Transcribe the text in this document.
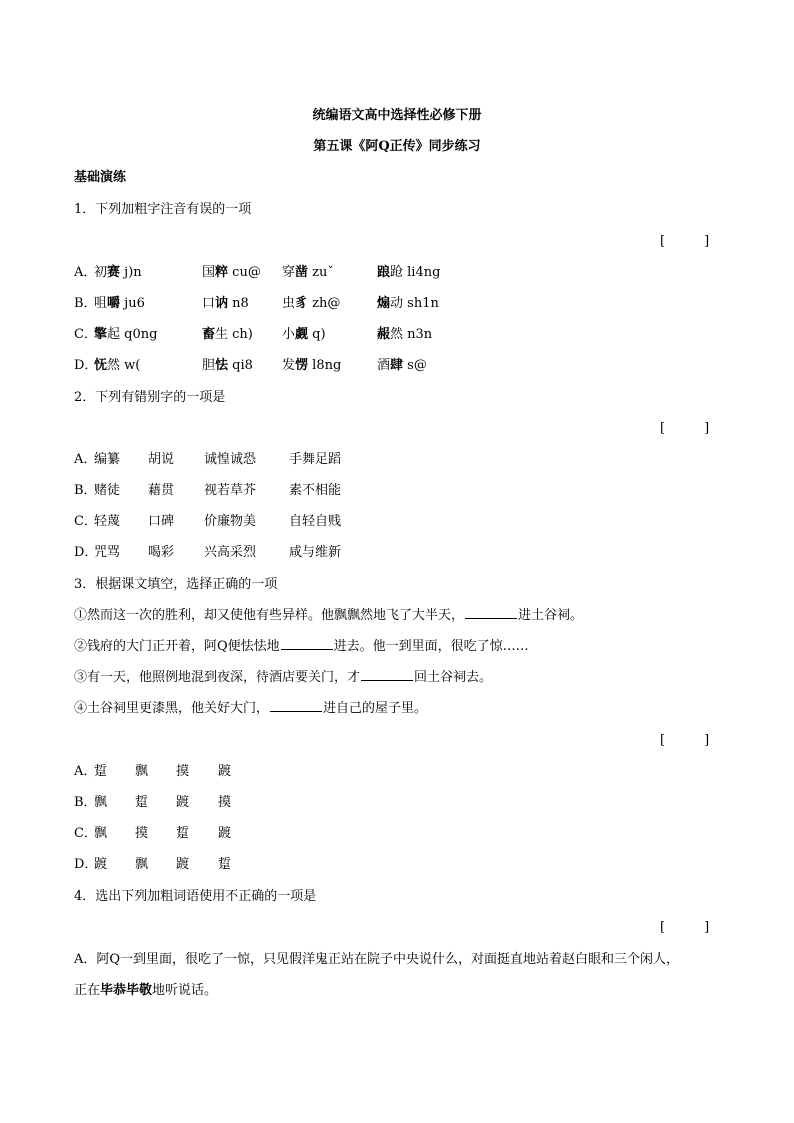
统编语文高中选择性必修下册
第五课《阿Q正传》同步练习
基础演练
1．下列加粗字注音有误的一项
[　　　]
A．
初赛 j)n	国粹 cu@ 穿凿 zuˇ	踉跄 li4ng
B．
咀嚼 ju6	口讷 n8	虫豸 zh@	煽动 sh1n
C．
擎起 q0ng	畜生 ch) 小觑 q)	赧然 n3n
D．
怃然 w(	胆怯 qi8 发愣 l8ng	酒肆 s@
2．下列有错别字的一项是
[　　　]
A．
编纂 胡说 诚惶诚恐	手舞足蹈
B．
赌徒 藉贯 视若草芥	素不相能
C．
轻蔑 口碑 价廉物美	自轻自贱
D．
咒骂 喝彩 兴高采烈	咸与维新
3．根据课文填空，选择正确的一项
①然而这一次的胜利，却又使他有些异样。他飘飘然地飞了大半天，	进土谷祠。
②钱府的大门正开着，阿Q便怯怯地	进去。他一到里面，很吃了惊……
③有一天，他照例地混到夜深，待酒店要关门，才	回土谷祠去。
④土谷祠里更漆黑，他关好大门，	进自己的屋子里。
[　　　]
A．
踅 飘 摸 踱
B．
飘 踅 踱 摸
C．
飘 摸 踅 踱
D．
踱 飘 踱 踅
4．选出下列加粗词语使用不正确的一项是
[　　　]
A．阿Q一到里面，很吃了一惊，只见假洋鬼正站在院子中央说什么，对面挺直地站着赵白眼和三个闲人，
正在毕恭毕敬地听说话。
